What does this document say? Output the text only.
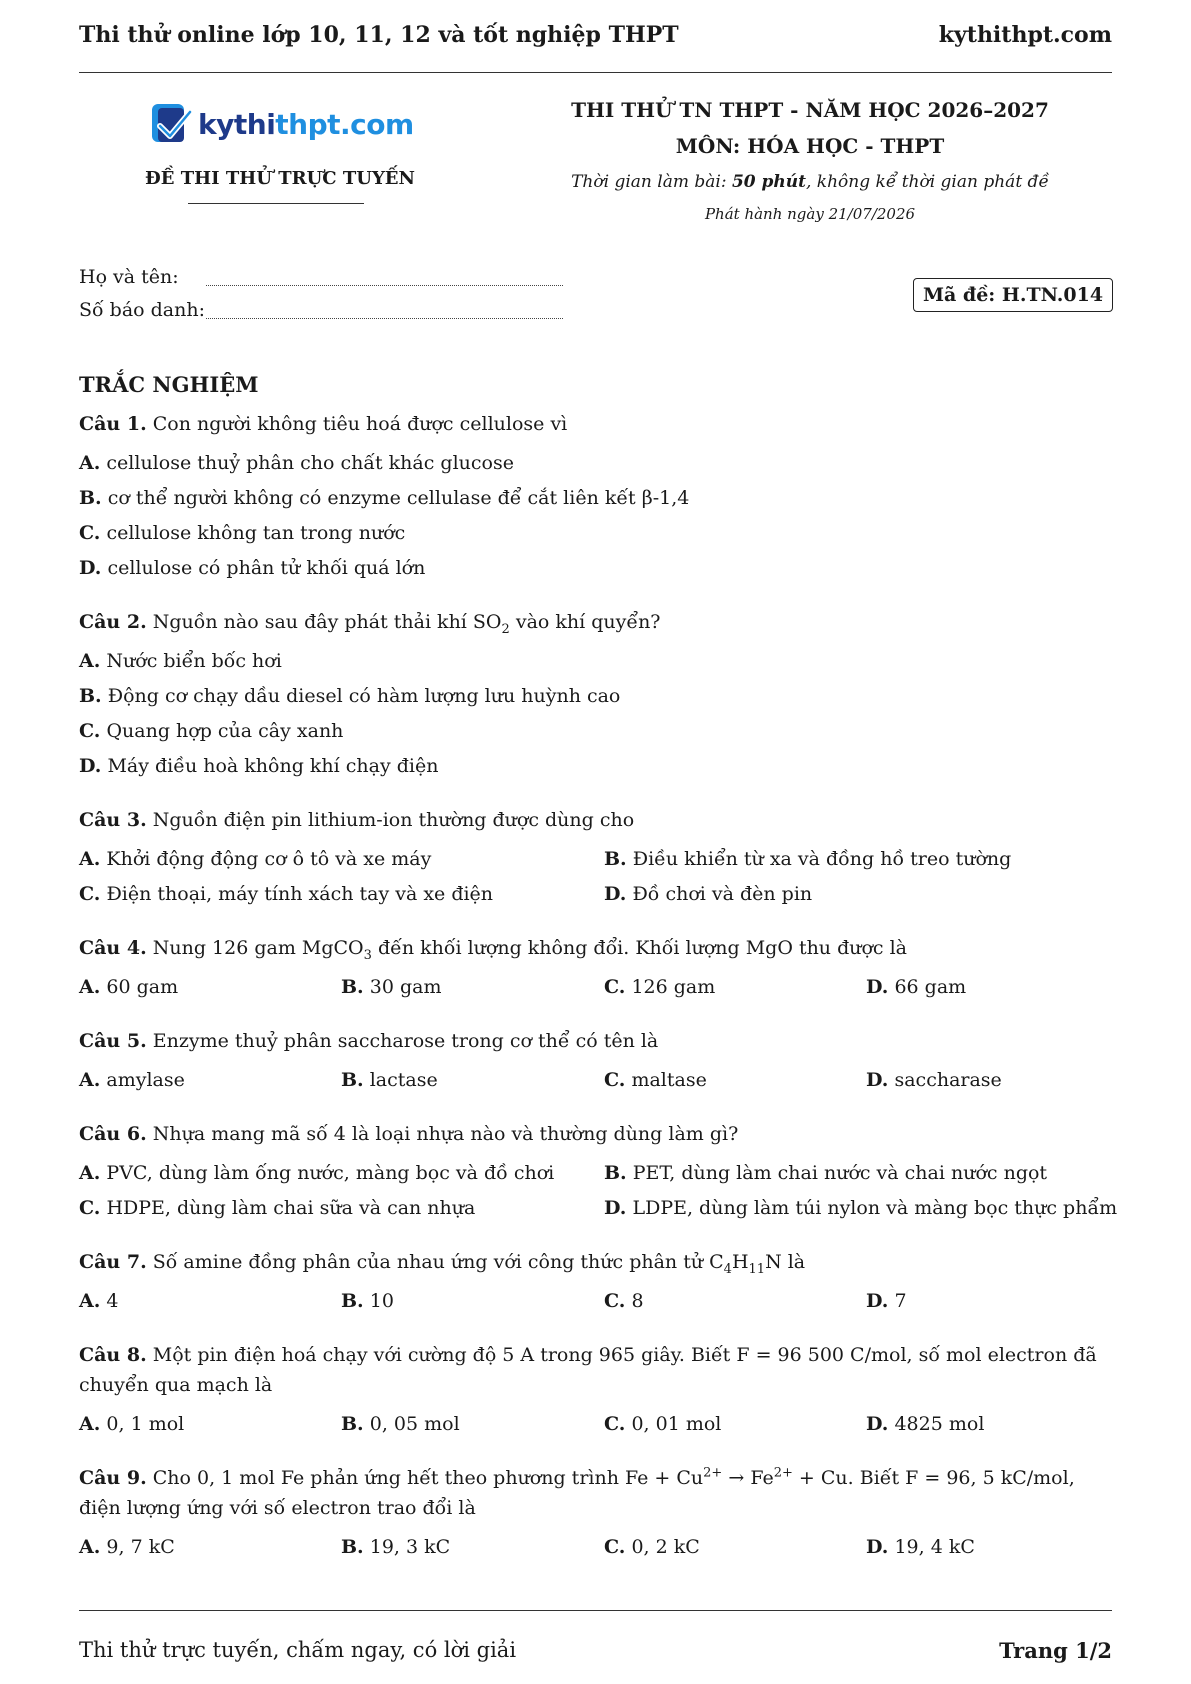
Thi thử online lớp 10, 11, 12 và tốt nghiệp THPT	kythithpt.com
kythithpt.com
ĐỀ THI THỬ TRỰC TUYẾN
THI THỬ TN THPT - NĂM HỌC 2026–2027
MÔN: HÓA HỌC - THPT
Thời gian làm bài: 50 phút, không kể thời gian phát đề
Phát hành ngày 21/07/2026
Họ và tên:
Số báo danh:
Mã đề: H.TN.014
TRẮC NGHIỆM
Câu 1. Con người không tiêu hoá được cellulose vì
A. cellulose thuỷ phân cho chất khác glucose
B. cơ thể người không có enzyme cellulase để cắt liên kết β-1,4
C. cellulose không tan trong nước
D. cellulose có phân tử khối quá lớn
Câu 2. Nguồn nào sau đây phát thải khí $SO_2$ vào khí quyển?
A. Nước biển bốc hơi
B. Động cơ chạy dầu diesel có hàm lượng lưu huỳnh cao
C. Quang hợp của cây xanh
D. Máy điều hoà không khí chạy điện
Câu 3. Nguồn điện pin lithium-ion thường được dùng cho
A. Khởi động động cơ ô tô và xe máy	B. Điều khiển từ xa và đồng hồ treo tường
C. Điện thoại, máy tính xách tay và xe điện	D. Đồ chơi và đèn pin
Câu 4. Nung 126 gam MgCO$_3$ đến khối lượng không đổi. Khối lượng MgO thu được là
A. 60 gam	B. 30 gam	C. 126 gam	D. 66 gam
Câu 5. Enzyme thuỷ phân saccharose trong cơ thể có tên là
A. amylase	B. lactase	C. maltase	D. saccharase
Câu 6. Nhựa mang mã số 4 là loại nhựa nào và thường dùng làm gì?
A. PVC, dùng làm ống nước, màng bọc và đồ chơi	B. PET, dùng làm chai nước và chai nước ngọt
C. HDPE, dùng làm chai sữa và can nhựa	D. LDPE, dùng làm túi nylon và màng bọc thực phẩm
Câu 7. Số amine đồng phân của nhau ứng với công thức phân tử $C_4H_{11}N$ là
A. 4	B. 10	C. 8	D. 7
Câu 8. Một pin điện hoá chạy với cường độ 5 A trong 965 giây. Biết F = 96 500 C/mol, số mol electron đã chuyển qua mạch là
A. 0, 1 mol	B. 0, 05 mol	C. 0, 01 mol	D. 4825 mol
Câu 9. Cho 0, 1 mol Fe phản ứng hết theo phương trình $Fe + Cu^{2+} \to Fe^{2+} + Cu$. Biết F = 96, 5 kC/mol, điện lượng ứng với số electron trao đổi là
A. 9, 7 kC	B. 19, 3 kC	C. 0, 2 kC	D. 19, 4 kC
Thi thử trực tuyến, chấm ngay, có lời giải	Trang 1/2
